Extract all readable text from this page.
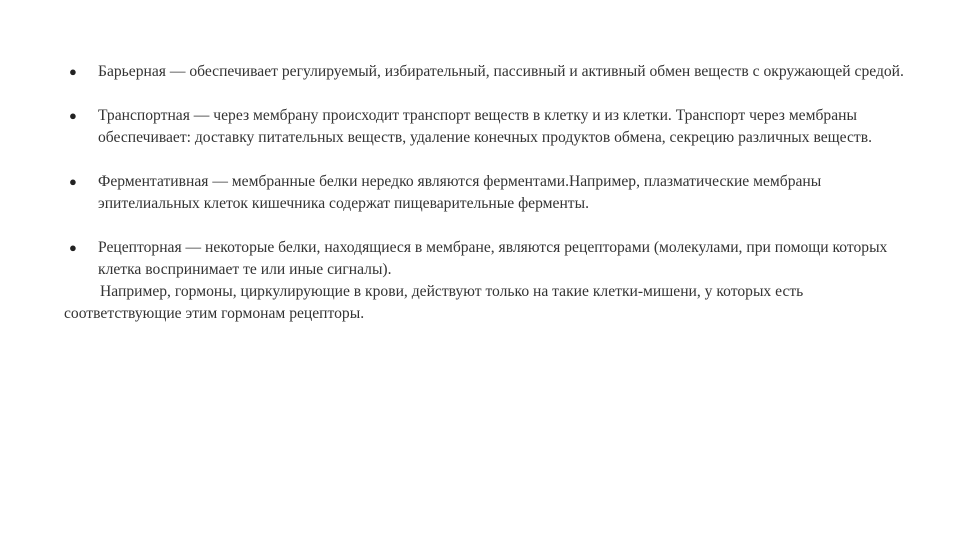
● Барьерная — обеспечивает регулируемый, избирательный, пассивный и активный обмен веществ с окружающей средой.
● Транспортная — через мембрану происходит транспорт веществ в клетку и из клетки. Транспорт через мембраны обеспечивает: доставку питательных веществ, удаление конечных продуктов обмена, секрецию различных веществ.
● Ферментативная — мембранные белки нередко являются ферментами.Например, плазматические мембраны эпителиальных клеток кишечника содержат пищеварительные ферменты.
● Рецепторная — некоторые белки, находящиеся в мембране, являются рецепторами (молекулами, при помощи которых клетка воспринимает те или иные сигналы).

Например, гормоны, циркулирующие в крови, действуют только на такие клетки-мишени, у которых есть соответствующие этим гормонам рецепторы.
